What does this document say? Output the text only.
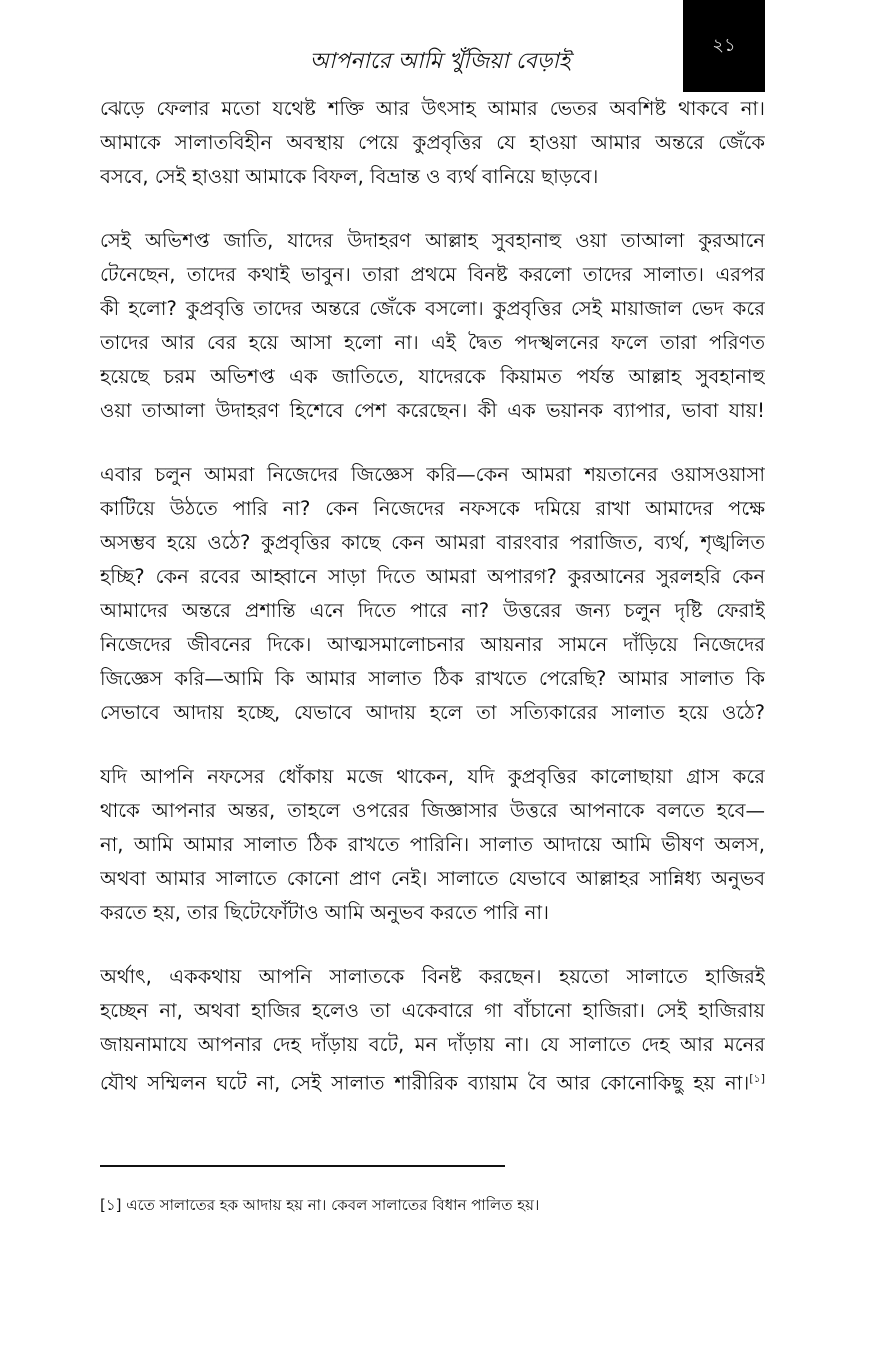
আপনারে আমি খুঁজিয়া বেড়াই
২১
ঝেড়ে ফেলার মতো যথেষ্ট শক্তি আর উৎসাহ আমার ভেতর অবশিষ্ট থাকবে না।
আমাকে সালাতবিহীন অবস্থায় পেয়ে কুপ্রবৃত্তির যে হাওয়া আমার অন্তরে জেঁকে
বসবে, সেই হাওয়া আমাকে বিফল, বিভ্রান্ত ও ব্যর্থ বানিয়ে ছাড়বে।
সেই অভিশপ্ত জাতি, যাদের উদাহরণ আল্লাহ সুবহানাহু ওয়া তাআলা কুরআনে
টেনেছেন, তাদের কথাই ভাবুন। তারা প্রথমে বিনষ্ট করলো তাদের সালাত। এরপর
কী হলো? কুপ্রবৃত্তি তাদের অন্তরে জেঁকে বসলো। কুপ্রবৃত্তির সেই মায়াজাল ভেদ করে
তাদের আর বের হয়ে আসা হলো না। এই দ্বৈত পদস্খলনের ফলে তারা পরিণত
হয়েছে চরম অভিশপ্ত এক জাতিতে, যাদেরকে কিয়ামত পর্যন্ত আল্লাহ সুবহানাহু
ওয়া তাআলা উদাহরণ হিশেবে পেশ করেছেন। কী এক ভয়ানক ব্যাপার, ভাবা যায়!
এবার চলুন আমরা নিজেদের জিজ্ঞেস করি—কেন আমরা শয়তানের ওয়াসওয়াসা
কাটিয়ে উঠতে পারি না? কেন নিজেদের নফসকে দমিয়ে রাখা আমাদের পক্ষে
অসম্ভব হয়ে ওঠে? কুপ্রবৃত্তির কাছে কেন আমরা বারংবার পরাজিত, ব্যর্থ, শৃঙ্খলিত
হচ্ছি? কেন রবের আহ্বানে সাড়া দিতে আমরা অপারগ? কুরআনের সুরলহরি কেন
আমাদের অন্তরে প্রশান্তি এনে দিতে পারে না? উত্তরের জন্য চলুন দৃষ্টি ফেরাই
নিজেদের জীবনের দিকে। আত্মসমালোচনার আয়নার সামনে দাঁড়িয়ে নিজেদের
জিজ্ঞেস করি—আমি কি আমার সালাত ঠিক রাখতে পেরেছি? আমার সালাত কি
সেভাবে আদায় হচ্ছে, যেভাবে আদায় হলে তা সত্যিকারের সালাত হয়ে ওঠে?
যদি আপনি নফসের ধোঁকায় মজে থাকেন, যদি কুপ্রবৃত্তির কালোছায়া গ্রাস করে
থাকে আপনার অন্তর, তাহলে ওপরের জিজ্ঞাসার উত্তরে আপনাকে বলতে হবে—
না, আমি আমার সালাত ঠিক রাখতে পারিনি। সালাত আদায়ে আমি ভীষণ অলস,
অথবা আমার সালাতে কোনো প্রাণ নেই। সালাতে যেভাবে আল্লাহর সান্নিধ্য অনুভব
করতে হয়, তার ছিটেফোঁটাও আমি অনুভব করতে পারি না।
অর্থাৎ, এককথায় আপনি সালাতকে বিনষ্ট করছেন। হয়তো সালাতে হাজিরই
হচ্ছেন না, অথবা হাজির হলেও তা একেবারে গা বাঁচানো হাজিরা। সেই হাজিরায়
জায়নামাযে আপনার দেহ দাঁড়ায় বটে, মন দাঁড়ায় না। যে সালাতে দেহ আর মনের
যৌথ সম্মিলন ঘটে না, সেই সালাত শারীরিক ব্যায়াম বৈ আর কোনোকিছু হয় না।[১]
[১] এতে সালাতের হক আদায় হয় না। কেবল সালাতের বিধান পালিত হয়।
